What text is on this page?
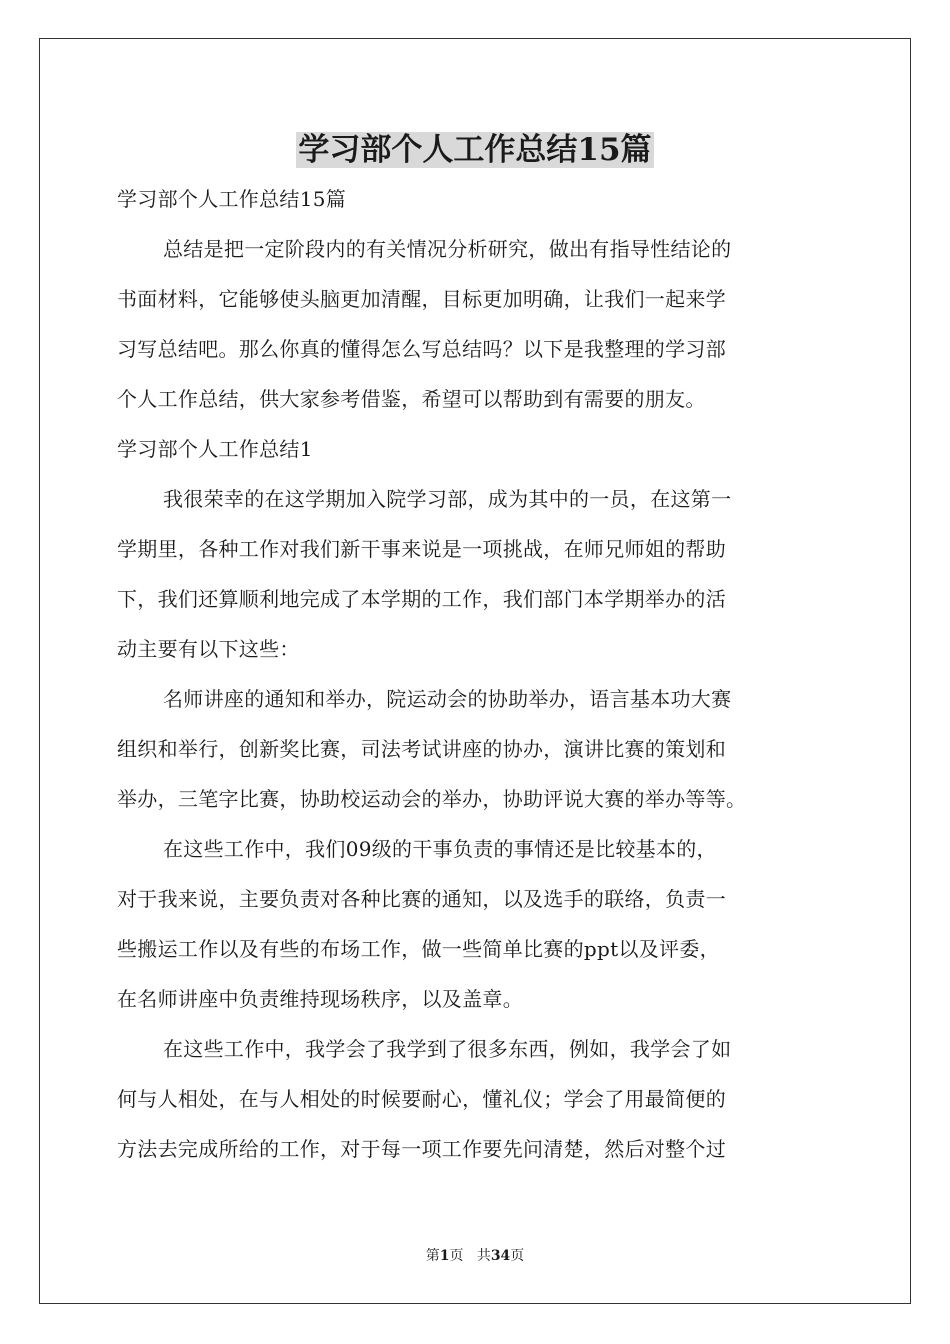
学习部个人工作总结15篇
学习部个人工作总结15篇
总结是把一定阶段内的有关情况分析研究，做出有指导性结论的
书面材料，它能够使头脑更加清醒，目标更加明确，让我们一起来学
习写总结吧。那么你真的懂得怎么写总结吗？以下是我整理的学习部
个人工作总结，供大家参考借鉴，希望可以帮助到有需要的朋友。
学习部个人工作总结1
我很荣幸的在这学期加入院学习部，成为其中的一员，在这第一
学期里，各种工作对我们新干事来说是一项挑战，在师兄师姐的帮助
下，我们还算顺利地完成了本学期的工作，我们部门本学期举办的活
动主要有以下这些：
名师讲座的通知和举办，院运动会的协助举办，语言基本功大赛
组织和举行，创新奖比赛，司法考试讲座的协办，演讲比赛的策划和
举办，三笔字比赛，协助校运动会的举办，协助评说大赛的举办等等。
在这些工作中，我们09级的干事负责的事情还是比较基本的，
对于我来说，主要负责对各种比赛的通知，以及选手的联络，负责一
些搬运工作以及有些的布场工作，做一些简单比赛的ppt以及评委，
在名师讲座中负责维持现场秩序，以及盖章。
在这些工作中，我学会了我学到了很多东西，例如，我学会了如
何与人相处，在与人相处的时候要耐心，懂礼仪；学会了用最简便的
方法去完成所给的工作，对于每一项工作要先问清楚，然后对整个过
第1页 共34页
